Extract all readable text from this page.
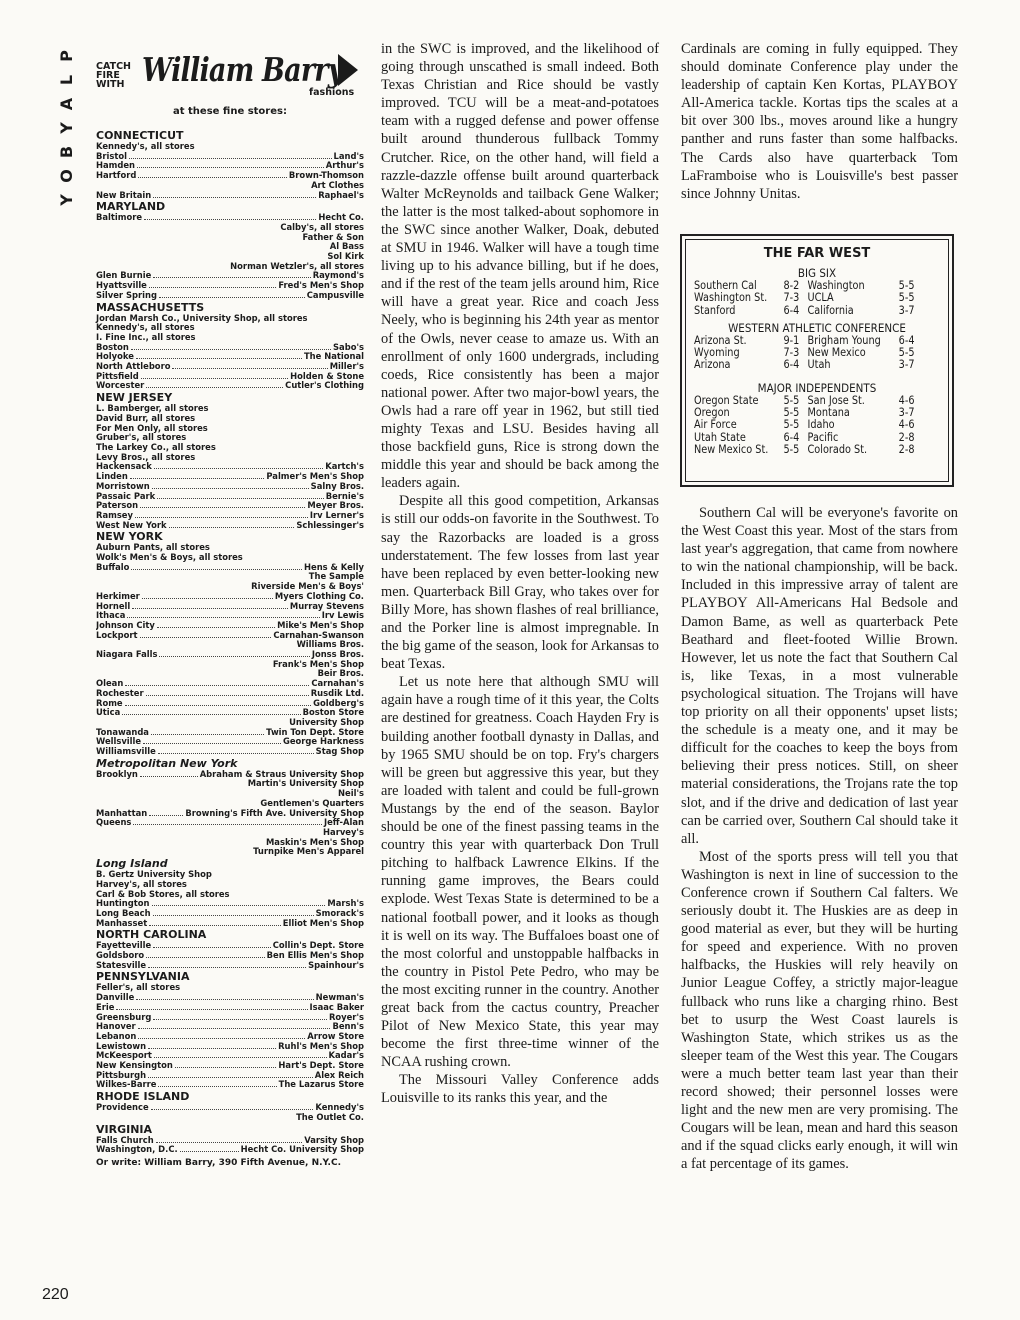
P
L
A
Y
B
O
Y
220
CATCH
FIRE
WITH William Barry
fashions
at these fine stores:
CONNECTICUT
Kennedy's, all stores
Bristol	Land's
Hamden	Arthur's
Hartford	Brown-Thomson
Art Clothes
New Britain	Raphael's
MARYLAND
Baltimore	Hecht Co.
Calby's, all stores
Father & Son
Al Bass
Sol Kirk
Norman Wetzler's, all stores
Glen Burnie	Raymond's
Hyattsville	Fred's Men's Shop
Silver Spring	Campusville
MASSACHUSETTS
Jordan Marsh Co., University Shop, all stores
Kennedy's, all stores
I. Fine Inc., all stores
Boston	Sabo's
Holyoke	The National
North Attleboro	Miller's
Pittsfield	Holden & Stone
Worcester	Cutler's Clothing
NEW JERSEY
L. Bamberger, all stores
David Burr, all stores
For Men Only, all stores
Gruber's, all stores
The Larkey Co., all stores
Levy Bros., all stores
Hackensack	Kartch's
Linden	Palmer's Men's Shop
Morristown	Salny Bros.
Passaic Park	Bernie's
Paterson	Meyer Bros.
Ramsey	Irv Lerner's
West New York	Schlessinger's
NEW YORK
Auburn Pants, all stores
Wolk's Men's & Boys, all stores
Buffalo	Hens & Kelly
The Sample
Riverside Men's & Boys'
Herkimer	Myers Clothing Co.
Hornell	Murray Stevens
Ithaca	Irv Lewis
Johnson City	Mike's Men's Shop
Lockport	Carnahan-Swanson
Williams Bros.
Niagara Falls	Jonss Bros.
Frank's Men's Shop
Beir Bros.
Olean	Carnahan's
Rochester	Rusdik Ltd.
Rome	Goldberg's
Utica	Boston Store
University Shop
Tonawanda	Twin Ton Dept. Store
Wellsville	George Harkness
Williamsville	Stag Shop
Metropolitan New York
Brooklyn	Abraham & Straus University Shop
Martin's University Shop
Neil's
Gentlemen's Quarters
Manhattan	Browning's Fifth Ave. University Shop
Queens	Jeff-Alan
Harvey's
Maskin's Men's Shop
Turnpike Men's Apparel
Long Island
B. Gertz University Shop
Harvey's, all stores
Carl & Bob Stores, all stores
Huntington	Marsh's
Long Beach	Smorack's
Manhasset	Elliot Men's Shop
NORTH CAROLINA
Fayetteville	Collin's Dept. Store
Goldsboro	Ben Ellis Men's Shop
Statesville	Spainhour's
PENNSYLVANIA
Feller's, all stores
Danville	Newman's
Erie	Isaac Baker
Greensburg	Royer's
Hanover	Benn's
Lebanon	Arrow Store
Lewistown	Ruhl's Men's Shop
McKeesport	Kadar's
New Kensington	Hart's Dept. Store
Pittsburgh	Alex Reich
Wilkes-Barre	The Lazarus Store
RHODE ISLAND
Providence	Kennedy's
The Outlet Co.
VIRGINIA
Falls Church	Varsity Shop
Washington, D.C.	Hecht Co. University Shop
Or write: William Barry, 390 Fifth Avenue, N.Y.C.

in the SWC is improved, and the likelihood of going through unscathed is small indeed. Both Texas Christian and Rice should be vastly improved. TCU will be a meat-and-potatoes team with a rugged defense and power offense built around thunderous fullback Tommy Crutcher. Rice, on the other hand, will field a razzle-dazzle offense built around quarterback Walter McReynolds and tailback Gene Walker; the latter is the most talked-about sophomore in the SWC since another Walker, Doak, debuted at SMU in 1946. Walker will have a tough time living up to his advance billing, but if he does, and if the rest of the team jells around him, Rice will have a great year. Rice and coach Jess Neely, who is beginning his 24th year as mentor of the Owls, never cease to amaze us. With an enrollment of only 1600 undergrads, including coeds, Rice consistently has been a major national power. After two major-bowl years, the Owls had a rare off year in 1962, but still tied mighty Texas and LSU. Besides having all those backfield guns, Rice is strong down the middle this year and should be back among the leaders again.

Despite all this good competition, Arkansas is still our odds-on favorite in the Southwest. To say the Razorbacks are loaded is a gross understatement. The few losses from last year have been replaced by even better-looking new men. Quarterback Bill Gray, who takes over for Billy More, has shown flashes of real brilliance, and the Porker line is almost impregnable. In the big game of the season, look for Arkansas to beat Texas.

Let us note here that although SMU will again have a rough time of it this year, the Colts are destined for greatness. Coach Hayden Fry is building another football dynasty in Dallas, and by 1965 SMU should be on top. Fry's chargers will be green but aggressive this year, but they are loaded with talent and could be full-grown Mustangs by the end of the season. Baylor should be one of the finest passing teams in the country this year with quarterback Don Trull pitching to halfback Lawrence Elkins. If the running game improves, the Bears could explode. West Texas State is determined to be a national football power, and it looks as though it is well on its way. The Buffaloes boast one of the most colorful and unstoppable halfbacks in the country in Pistol Pete Pedro, who may be the most exciting runner in the country. Another great back from the cactus country, Preacher Pilot of New Mexico State, this year may become the first three-time winner of the NCAA rushing crown.

The Missouri Valley Conference adds Louisville to its ranks this year, and the

Cardinals are coming in fully equipped. They should dominate Conference play under the leadership of captain Ken Kortas, PLAYBOY All-America tackle. Kortas tips the scales at a bit over 300 lbs., moves around like a hungry panther and runs faster than some halfbacks. The Cards also have quarterback Tom LaFramboise who is Louisville's best passer since Johnny Unitas.

THE FAR WEST
BIG SIX
Southern Cal	8-2 Washington	5-5
Washington St.	7-3 UCLA	5-5
Stanford	6-4 California	3-7
WESTERN ATHLETIC CONFERENCE
Arizona St.	9-1 Brigham Young	6-4
Wyoming	7-3 New Mexico	5-5
Arizona	6-4 Utah	3-7
MAJOR INDEPENDENTS
Oregon State	5-5 San Jose St.	4-6
Oregon	5-5 Montana	3-7
Air Force	5-5 Idaho	4-6
Utah State	6-4 Pacific	2-8
New Mexico St.	5-5 Colorado St.	2-8

Southern Cal will be everyone's favorite on the West Coast this year. Most of the stars from last year's aggregation, that came from nowhere to win the national championship, will be back. Included in this impressive array of talent are PLAYBOY All-Americans Hal Bedsole and Damon Bame, as well as quarterback Pete Beathard and fleet-footed Willie Brown. However, let us note the fact that Southern Cal is, like Texas, in a most vulnerable psychological situation. The Trojans will have top priority on all their opponents' upset lists; the schedule is a meaty one, and it may be difficult for the coaches to keep the boys from believing their press notices. Still, on sheer material considerations, the Trojans rate the top slot, and if the drive and dedication of last year can be carried over, Southern Cal should take it all.

Most of the sports press will tell you that Washington is next in line of succession to the Conference crown if Southern Cal falters. We seriously doubt it. The Huskies are as deep in good material as ever, but they will be hurting for speed and experience. With no proven halfbacks, the Huskies will rely heavily on Junior League Coffey, a strictly major-league fullback who runs like a charging rhino. Best bet to usurp the West Coast laurels is Washington State, which strikes us as the sleeper team of the West this year. The Cougars were a much better team last year than their record showed; their personnel losses were light and the new men are very promising. The Cougars will be lean, mean and hard this season and if the squad clicks early enough, it will win a fat percentage of its games.
